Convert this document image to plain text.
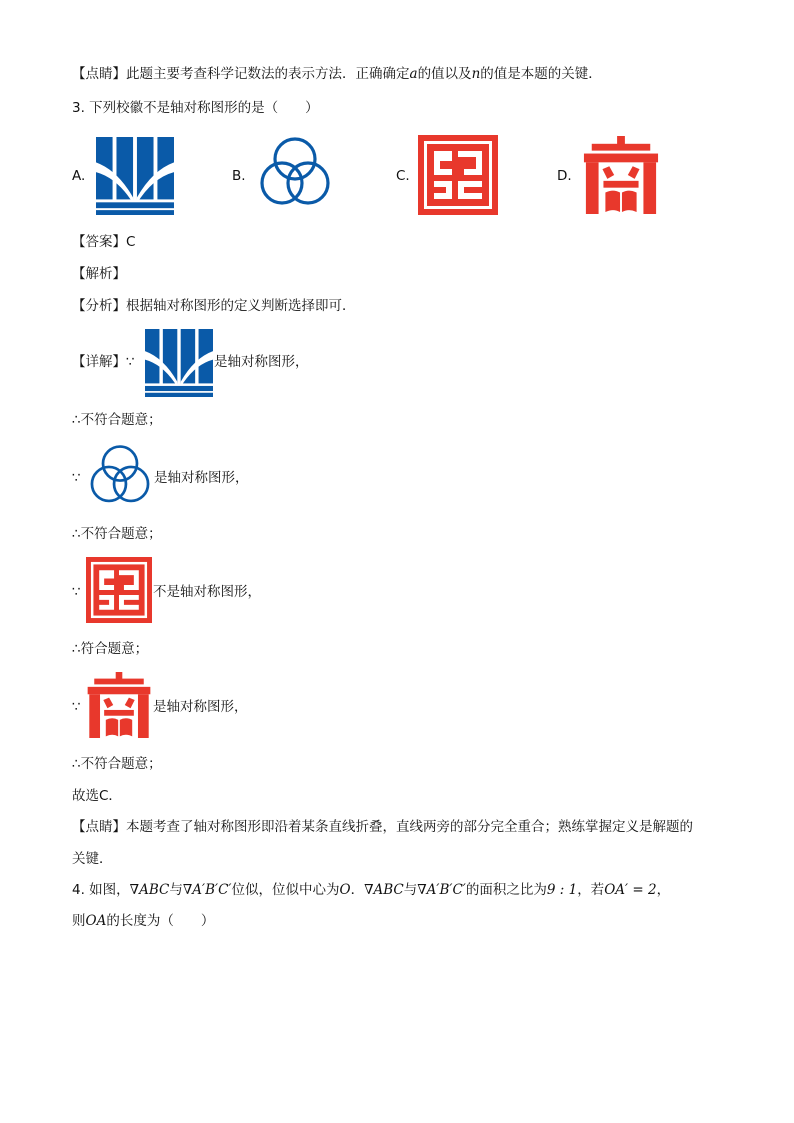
【点睛】此题主要考查科学记数法的表示方法．正确确定a的值以及n的值是本题的关键．
3. 下列校徽不是轴对称图形的是（　　）
A.	B.	C.	D.
【答案】C
【解析】
【分析】根据轴对称图形的定义判断选择即可．
【详解】∵	是轴对称图形，
∴不符合题意；
∵	是轴对称图形，
∴不符合题意；
∵	不是轴对称图形，
∴符合题意；
∵	是轴对称图形，
∴不符合题意；
故选C．
【点睛】本题考查了轴对称图形即沿着某条直线折叠，直线两旁的部分完全重合；熟练掌握定义是解题的
关键．
4. 如图，∇ABC与∇A′B′C′位似，位似中心为O．∇ABC与∇A′B′C′的面积之比为9 : 1，若OA′ = 2，
则OA的长度为（　　）
